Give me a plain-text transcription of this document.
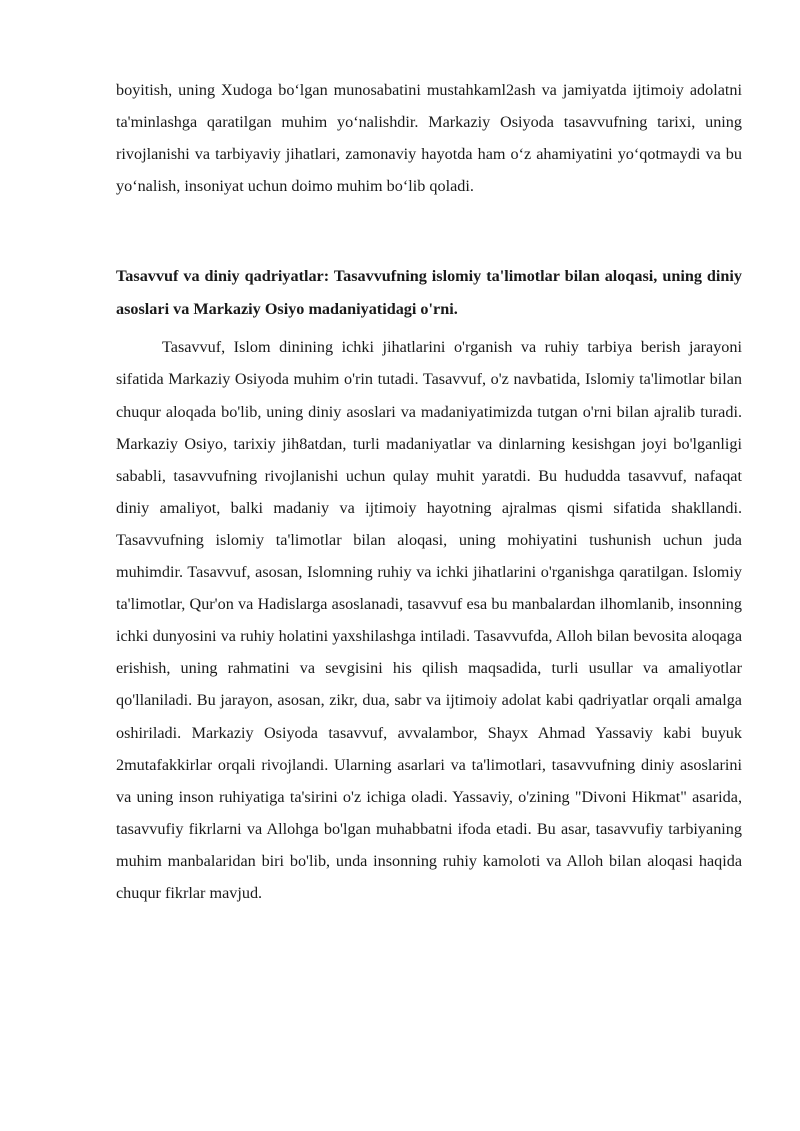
boyitish, uning Xudoga bo‘lgan munosabatini mustahkaml2ash va jamiyatda ijtimoiy adolatni ta'minlashga qaratilgan muhim yo‘nalishdir. Markaziy Osiyoda tasavvufning tarixi, uning rivojlanishi va tarbiyaviy jihatlari, zamonaviy hayotda ham o‘z ahamiyatini yo‘qotmaydi va bu yo‘nalish, insoniyat uchun doimo muhim bo‘lib qoladi.

Tasavvuf va diniy qadriyatlar: Tasavvufning islomiy ta'limotlar bilan aloqasi, uning diniy asoslari va Markaziy Osiyo madaniyatidagi o'rni.

Tasavvuf, Islom dinining ichki jihatlarini o'rganish va ruhiy tarbiya berish jarayoni sifatida Markaziy Osiyoda muhim o'rin tutadi. Tasavvuf, o'z navbatida, Islomiy ta'limotlar bilan chuqur aloqada bo'lib, uning diniy asoslari va madaniyatimizda tutgan o'rni bilan ajralib turadi. Markaziy Osiyo, tarixiy jih8atdan, turli madaniyatlar va dinlarning kesishgan joyi bo'lganligi sababli, tasavvufning rivojlanishi uchun qulay muhit yaratdi. Bu hududda tasavvuf, nafaqat diniy amaliyot, balki madaniy va ijtimoiy hayotning ajralmas qismi sifatida shakllandi. Tasavvufning islomiy ta'limotlar bilan aloqasi, uning mohiyatini tushunish uchun juda muhimdir. Tasavvuf, asosan, Islomning ruhiy va ichki jihatlarini o'rganishga qaratilgan. Islomiy ta'limotlar, Qur'on va Hadislarga asoslanadi, tasavvuf esa bu manbalardan ilhomlanib, insonning ichki dunyosini va ruhiy holatini yaxshilashga intiladi. Tasavvufda, Alloh bilan bevosita aloqaga erishish, uning rahmatini va sevgisini his qilish maqsadida, turli usullar va amaliyotlar qo'llaniladi. Bu jarayon, asosan, zikr, dua, sabr va ijtimoiy adolat kabi qadriyatlar orqali amalga oshiriladi. Markaziy Osiyoda tasavvuf, avvalambor, Shayx Ahmad Yassaviy kabi buyuk 2mutafakkirlar orqali rivojlandi. Ularning asarlari va ta'limotlari, tasavvufning diniy asoslarini va uning inson ruhiyatiga ta'sirini o'z ichiga oladi. Yassaviy, o'zining "Divoni Hikmat" asarida, tasavvufiy fikrlarni va Allohga bo'lgan muhabbatni ifoda etadi. Bu asar, tasavvufiy tarbiyaning muhim manbalaridan biri bo'lib, unda insonning ruhiy kamoloti va Alloh bilan aloqasi haqida chuqur fikrlar mavjud.
